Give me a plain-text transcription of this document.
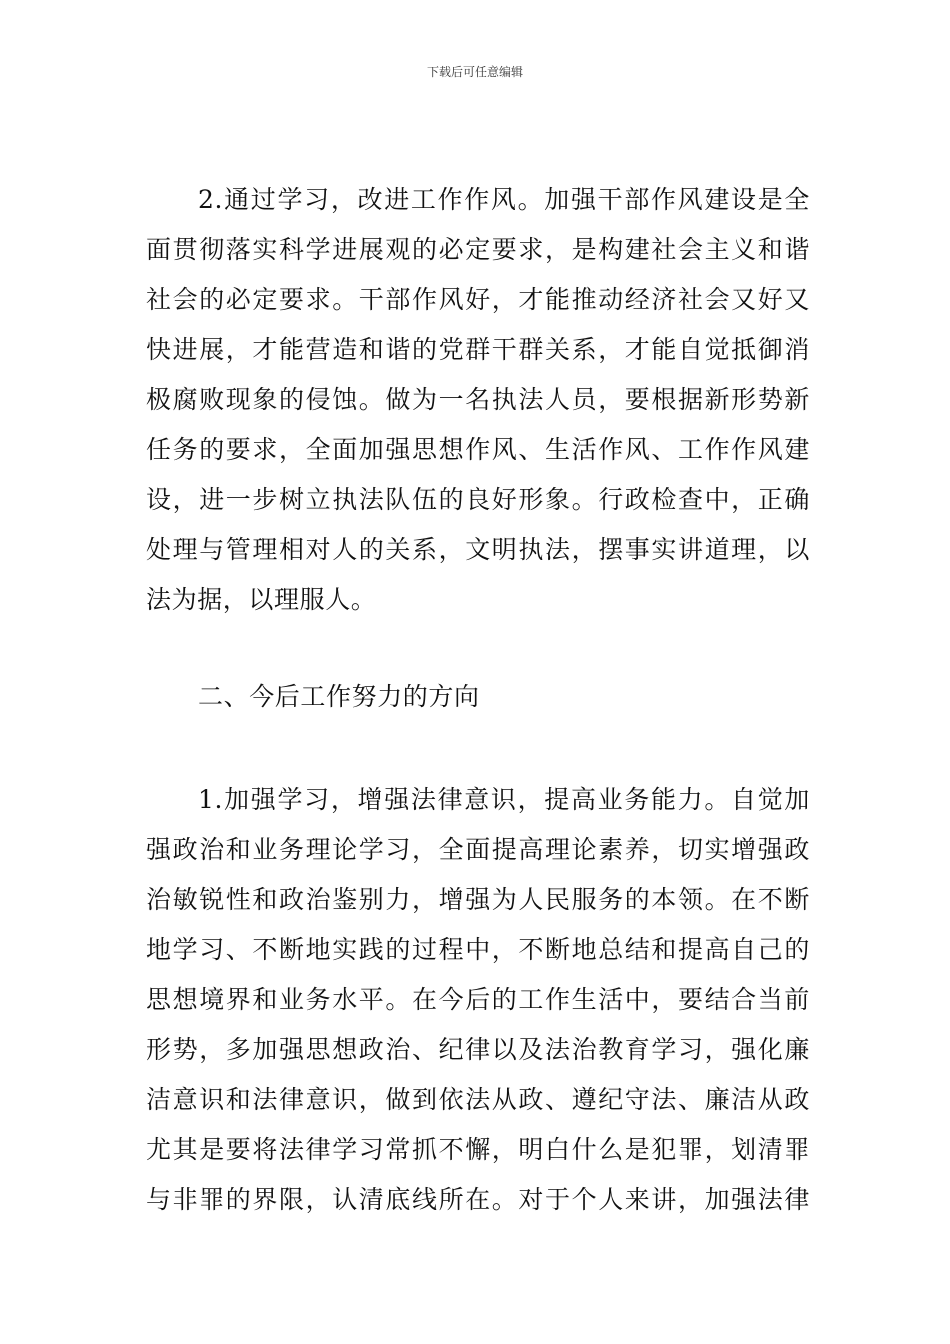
下载后可任意编辑
2.通过学习，改进工作作风。加强干部作风建设是全
面贯彻落实科学进展观的必定要求，是构建社会主义和谐
社会的必定要求。干部作风好，才能推动经济社会又好又
快进展，才能营造和谐的党群干群关系，才能自觉抵御消
极腐败现象的侵蚀。做为一名执法人员，要根据新形势新
任务的要求，全面加强思想作风、生活作风、工作作风建
设，进一步树立执法队伍的良好形象。行政检查中，正确
处理与管理相对人的关系，文明执法，摆事实讲道理，以
法为据，以理服人。
二、今后工作努力的方向
1.加强学习，增强法律意识，提高业务能力。自觉加
强政治和业务理论学习，全面提高理论素养，切实增强政
治敏锐性和政治鉴别力，增强为人民服务的本领。在不断
地学习、不断地实践的过程中，不断地总结和提高自己的
思想境界和业务水平。在今后的工作生活中，要结合当前
形势，多加强思想政治、纪律以及法治教育学习，强化廉
洁意识和法律意识，做到依法从政、遵纪守法、廉洁从政
尤其是要将法律学习常抓不懈，明白什么是犯罪，划清罪
与非罪的界限，认清底线所在。对于个人来讲，加强法律
